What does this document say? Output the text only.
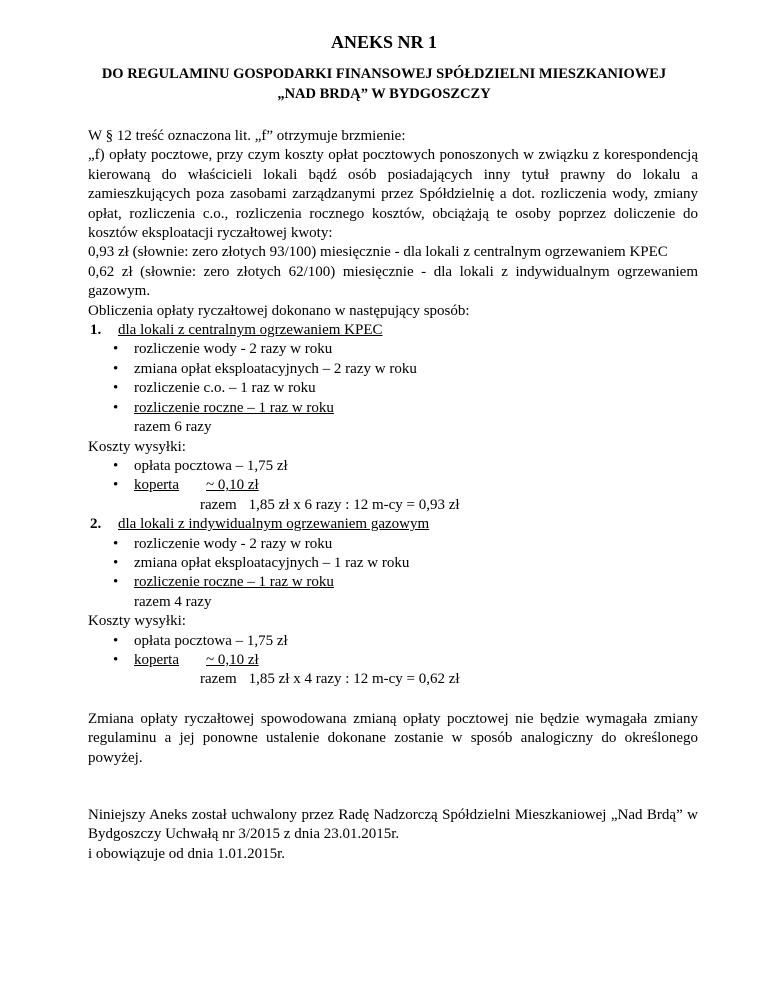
ANEKS NR 1
DO REGULAMINU GOSPODARKI FINANSOWEJ SPÓŁDZIELNI MIESZKANIOWEJ
„NAD BRDĄ” W BYDGOSZCZY
W § 12 treść oznaczona lit. „f” otrzymuje brzmienie:
„f) opłaty pocztowe, przy czym koszty opłat pocztowych ponoszonych w związku z korespondencją kierowaną do właścicieli lokali bądź osób posiadających inny tytuł prawny do lokalu a zamieszkujących poza zasobami zarządzanymi przez Spółdzielnię a dot. rozliczenia wody, zmiany opłat, rozliczenia c.o., rozliczenia rocznego kosztów, obciążają te osoby poprzez doliczenie do kosztów eksploatacji ryczałtowej kwoty:
0,93 zł (słownie: zero złotych 93/100) miesięcznie - dla lokali z centralnym ogrzewaniem KPEC
0,62 zł (słownie: zero złotych 62/100) miesięcznie - dla lokali z indywidualnym ogrzewaniem gazowym.
Obliczenia opłaty ryczałtowej dokonano w następujący sposób:
1.	dla lokali z centralnym ogrzewaniem KPEC
•	rozliczenie wody - 2 razy w roku
•	zmiana opłat eksploatacyjnych – 2 razy w roku
•	rozliczenie c.o. – 1 raz w roku
•	rozliczenie roczne – 1 raz w roku
razem 6 razy
Koszty wysyłki:
•	opłata pocztowa – 1,75 zł
•	koperta	~ 0,10 zł
razem 1,85 zł x 6 razy : 12 m-cy = 0,93 zł
2.	dla lokali z indywidualnym ogrzewaniem gazowym
•	rozliczenie wody - 2 razy w roku
•	zmiana opłat eksploatacyjnych – 1 raz w roku
•	rozliczenie roczne – 1 raz w roku
razem 4 razy
Koszty wysyłki:
•	opłata pocztowa – 1,75 zł
•	koperta	~ 0,10 zł
razem 1,85 zł x 4 razy : 12 m-cy = 0,62 zł
Zmiana opłaty ryczałtowej spowodowana zmianą opłaty pocztowej nie będzie wymagała zmiany regulaminu a jej ponowne ustalenie dokonane zostanie w sposób analogiczny do określonego powyżej.
Niniejszy Aneks został uchwalony przez Radę Nadzorczą Spółdzielni Mieszkaniowej „Nad Brdą” w Bydgoszczy Uchwałą nr 3/2015 z dnia 23.01.2015r.
i obowiązuje od dnia 1.01.2015r.
